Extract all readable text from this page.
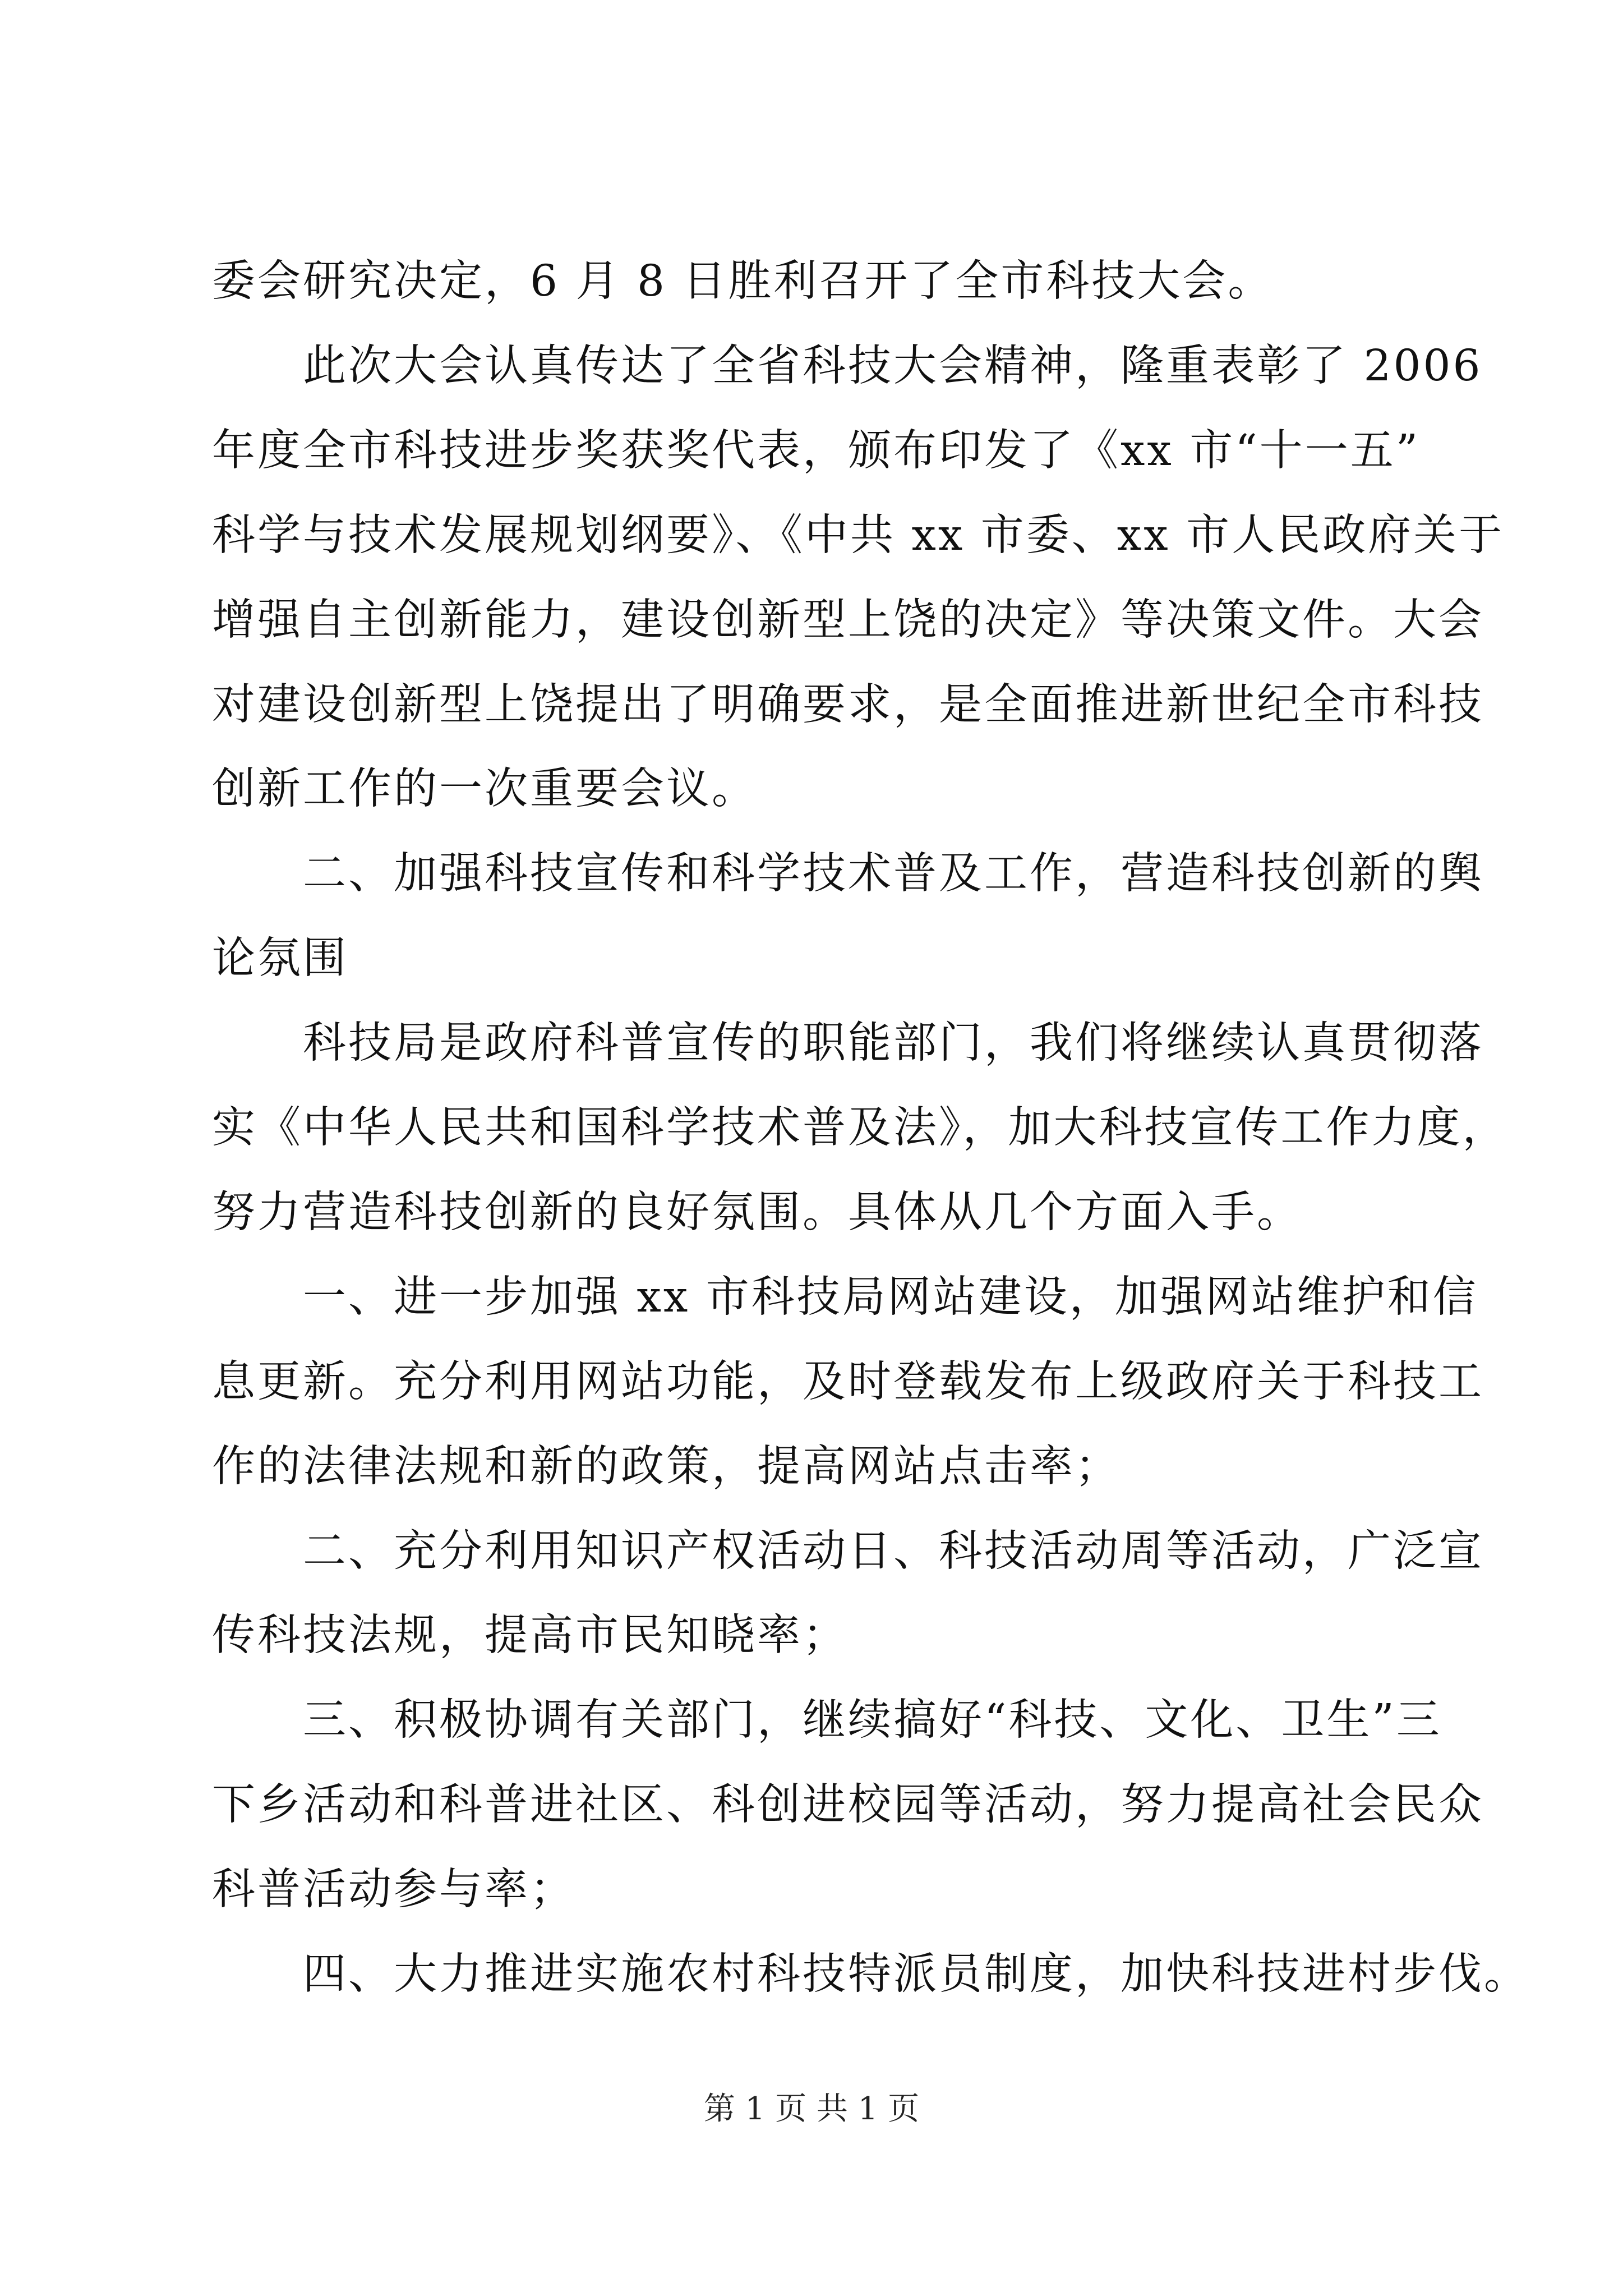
委会研究决定，6 月 8 日胜利召开了全市科技大会。
　　此次大会认真传达了全省科技大会精神，隆重表彰了 2006
年度全市科技进步奖获奖代表，颁布印发了《xx 市“十一五”
科学与技术发展规划纲要》、《中共 xx 市委、xx 市人民政府关于
增强自主创新能力，建设创新型上饶的决定》等决策文件。大会
对建设创新型上饶提出了明确要求，是全面推进新世纪全市科技
创新工作的一次重要会议。
　　二、加强科技宣传和科学技术普及工作，营造科技创新的舆
论氛围
　　科技局是政府科普宣传的职能部门，我们将继续认真贯彻落
实《中华人民共和国科学技术普及法》，加大科技宣传工作力度，
努力营造科技创新的良好氛围。具体从几个方面入手。
　　一、进一步加强 xx 市科技局网站建设，加强网站维护和信
息更新。充分利用网站功能，及时登载发布上级政府关于科技工
作的法律法规和新的政策，提高网站点击率；
　　二、充分利用知识产权活动日、科技活动周等活动，广泛宣
传科技法规，提高市民知晓率；
　　三、积极协调有关部门，继续搞好“科技、文化、卫生”三
下乡活动和科普进社区、科创进校园等活动，努力提高社会民众
科普活动参与率；
　　四、大力推进实施农村科技特派员制度，加快科技进村步伐。
第 1 页 共 1 页
